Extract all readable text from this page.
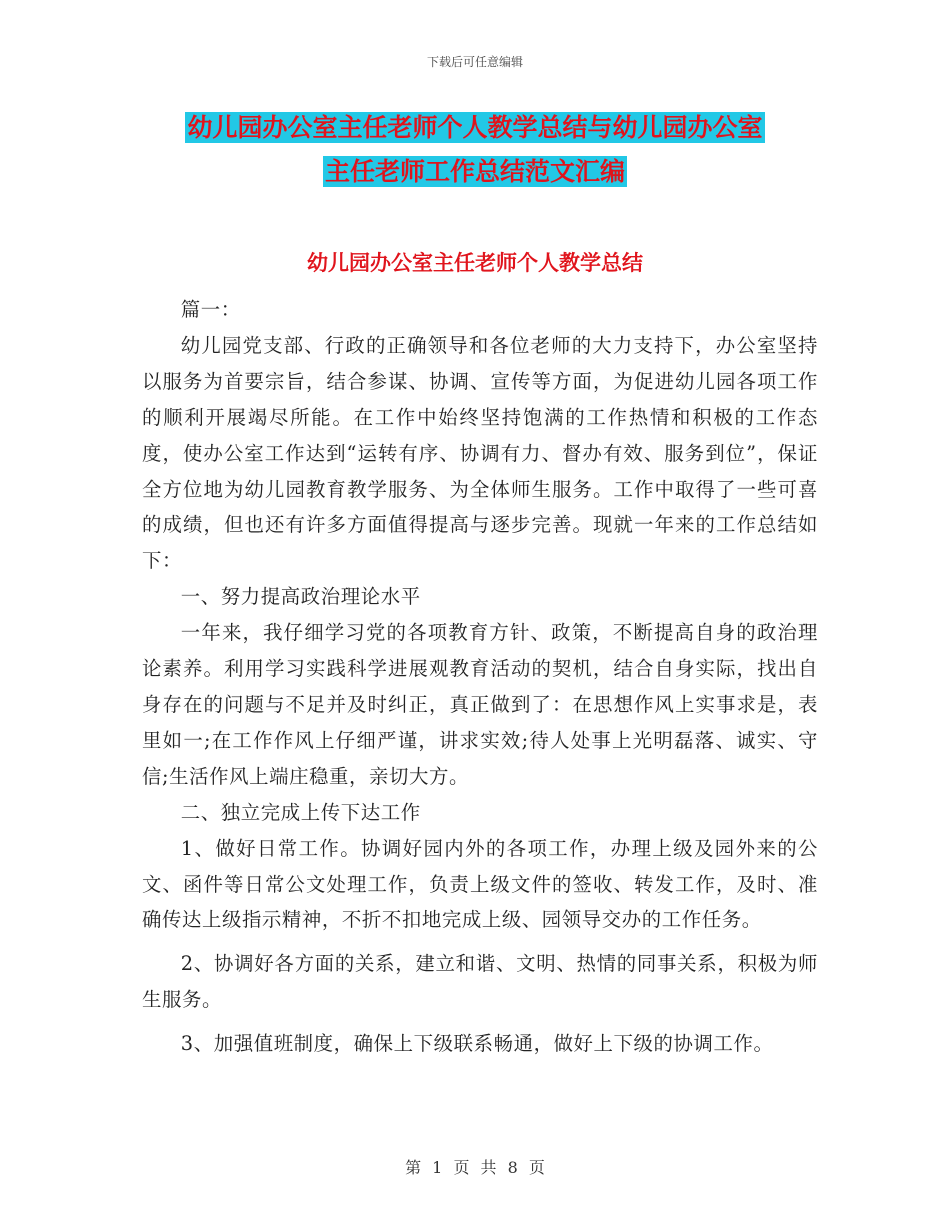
下载后可任意编辑
幼儿园办公室主任老师个人教学总结与幼儿园办公室
主任老师工作总结范文汇编
幼儿园办公室主任老师个人教学总结

篇一：

幼儿园党支部、行政的正确领导和各位老师的大力支持下，办公室坚持以服务为首要宗旨，结合参谋、协调、宣传等方面，为促进幼儿园各项工作的顺利开展竭尽所能。在工作中始终坚持饱满的工作热情和积极的工作态度，使办公室工作达到“运转有序、协调有力、督办有效、服务到位”，保证全方位地为幼儿园教育教学服务、为全体师生服务。工作中取得了一些可喜的成绩，但也还有许多方面值得提高与逐步完善。现就一年来的工作总结如下：

一、努力提高政治理论水平

一年来，我仔细学习党的各项教育方针、政策，不断提高自身的政治理论素养。利用学习实践科学进展观教育活动的契机，结合自身实际，找出自身存在的问题与不足并及时纠正，真正做到了：在思想作风上实事求是，表里如一;在工作作风上仔细严谨，讲求实效;待人处事上光明磊落、诚实、守信;生活作风上端庄稳重，亲切大方。

二、独立完成上传下达工作

1、做好日常工作。协调好园内外的各项工作，办理上级及园外来的公文、函件等日常公文处理工作，负责上级文件的签收、转发工作，及时、准确传达上级指示精神，不折不扣地完成上级、园领导交办的工作任务。

2、协调好各方面的关系，建立和谐、文明、热情的同事关系，积极为师生服务。

3、加强值班制度，确保上下级联系畅通，做好上下级的协调工作。

第 1 页 共 8 页
